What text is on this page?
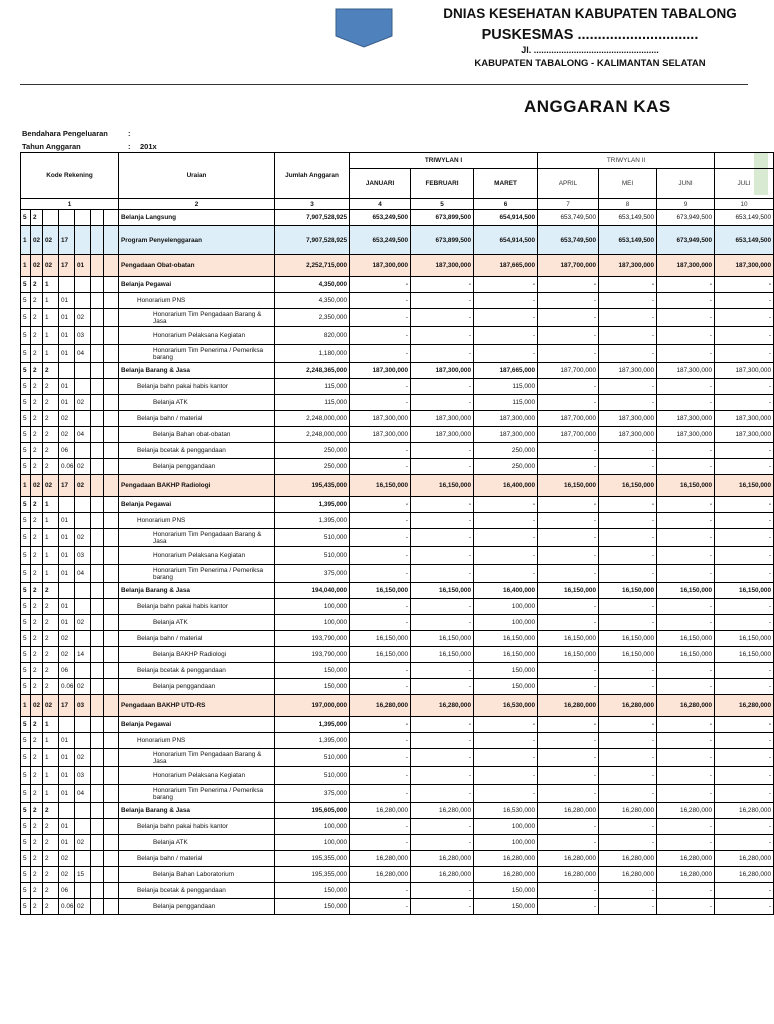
DNIAS KESEHATAN KABUPATEN TABALONG
PUSKESMAS ..............................
Jl. ..................................................
KABUPATEN TABALONG - KALIMANTAN SELATAN
ANGGARAN KAS
Bendahara Pengeluaran	:
Tahun Anggaran	: 201x
Kode Rekening							Uraian	Jumlah Anggaran	TRIWYLAN I			TRIWYLAN II			
									JANUARI	FEBRUARI	MARET	APRIL	MEI	JUNI	JULI
1							2	3	4	5	6	7	8	9	10
5	2						Belanja Langsung	7,907,528,925	653,249,500	673,899,500	654,914,500	653,749,500	653,149,500	673,949,500	653,149,500
1	02	02	17				Program Penyelenggaraan	7,907,528,925	653,249,500	673,899,500	654,914,500	653,749,500	653,149,500	673,949,500	653,149,500
1	02	02	17	01			Pengadaan Obat-obatan	2,252,715,000	187,300,000	187,300,000	187,665,000	187,700,000	187,300,000	187,300,000	187,300,000
5	2	1					Belanja Pegawai	4,350,000	-	-	-	-	-	-	-
5	2	1	01				Honorarium PNS	4,350,000	-	-	-	-	-	-	-
5	2	1	01	02			Honorarium Tim Pengadaan Barang & Jasa	2,350,000	-	-	-	-	-	-	-
5	2	1	01	03			Honorarium Pelaksana Kegiatan	820,000	-	-	-	-	-	-	-
5	2	1	01	04			Honorarium Tim Penerima / Pemeriksa barang	1,180,000	-	-	-	-	-	-	-
5	2	2					Belanja Barang & Jasa	2,248,365,000	187,300,000	187,300,000	187,665,000	187,700,000	187,300,000	187,300,000	187,300,000
5	2	2	01				Belanja bahn pakai habis kantor	115,000	-	-	115,000	-	-	-	-
5	2	2	01	02			Belanja ATK	115,000	-	-	115,000	-	-	-	-
5	2	2	02				Belanja bahn / material	2,248,000,000	187,300,000	187,300,000	187,300,000	187,700,000	187,300,000	187,300,000	187,300,000
5	2	2	02	04			Belanja Bahan obat-obatan	2,248,000,000	187,300,000	187,300,000	187,300,000	187,700,000	187,300,000	187,300,000	187,300,000
5	2	2	06				Belanja bcetak & penggandaan	250,000	-	-	250,000	-	-	-	-
5	2	2	0.06	02			Belanja penggandaan	250,000	-	-	250,000	-	-	-	-
1	02	02	17	02			Pengadaan BAKHP Radiologi	195,435,000	16,150,000	16,150,000	16,400,000	16,150,000	16,150,000	16,150,000	16,150,000
5	2	1					Belanja Pegawai	1,395,000	-	-	-	-	-	-	-
5	2	1	01				Honorarium PNS	1,395,000	-	-	-	-	-	-	-
5	2	1	01	02			Honorarium Tim Pengadaan Barang & Jasa	510,000	-	-	-	-	-	-	-
5	2	1	01	03			Honorarium Pelaksana Kegiatan	510,000	-	-	-	-	-	-	-
5	2	1	01	04			Honorarium Tim Penerima / Pemeriksa barang	375,000	-	-	-	-	-	-	-
5	2	2					Belanja Barang & Jasa	194,040,000	16,150,000	16,150,000	16,400,000	16,150,000	16,150,000	16,150,000	16,150,000
5	2	2	01				Belanja bahn pakai habis kantor	100,000	-	-	100,000	-	-	-	-
5	2	2	01	02			Belanja ATK	100,000	-	-	100,000	-	-	-	-
5	2	2	02				Belanja bahn / material	193,790,000	16,150,000	16,150,000	16,150,000	16,150,000	16,150,000	16,150,000	16,150,000
5	2	2	02	14			Belanja BAKHP Radiologi	193,790,000	16,150,000	16,150,000	16,150,000	16,150,000	16,150,000	16,150,000	16,150,000
5	2	2	06				Belanja bcetak & penggandaan	150,000	-	-	150,000	-	-	-	-
5	2	2	0.06	02			Belanja penggandaan	150,000	-	-	150,000	-	-	-	-
1	02	02	17	03			Pengadaan BAKHP UTD-RS	197,000,000	16,280,000	16,280,000	16,530,000	16,280,000	16,280,000	16,280,000	16,280,000
5	2	1					Belanja Pegawai	1,395,000	-	-	-	-	-	-	-
5	2	1	01				Honorarium PNS	1,395,000	-	-	-	-	-	-	-
5	2	1	01	02			Honorarium Tim Pengadaan Barang & Jasa	510,000	-	-	-	-	-	-	-
5	2	1	01	03			Honorarium Pelaksana Kegiatan	510,000	-	-	-	-	-	-	-
5	2	1	01	04			Honorarium Tim Penerima / Pemeriksa barang	375,000	-	-	-	-	-	-	-
5	2	2					Belanja Barang & Jasa	195,605,000	16,280,000	16,280,000	16,530,000	16,280,000	16,280,000	16,280,000	16,280,000
5	2	2	01				Belanja bahn pakai habis kantor	100,000	-	-	100,000	-	-	-	-
5	2	2	01	02			Belanja ATK	100,000	-	-	100,000	-	-	-	-
5	2	2	02				Belanja bahn / material	195,355,000	16,280,000	16,280,000	16,280,000	16,280,000	16,280,000	16,280,000	16,280,000
5	2	2	02	15			Belanja Bahan Laboratorium	195,355,000	16,280,000	16,280,000	16,280,000	16,280,000	16,280,000	16,280,000	16,280,000
5	2	2	06				Belanja bcetak & penggandaan	150,000	-	-	150,000	-	-	-	-
5	2	2	0.06	02			Belanja penggandaan	150,000	-	-	150,000	-	-	-	-
